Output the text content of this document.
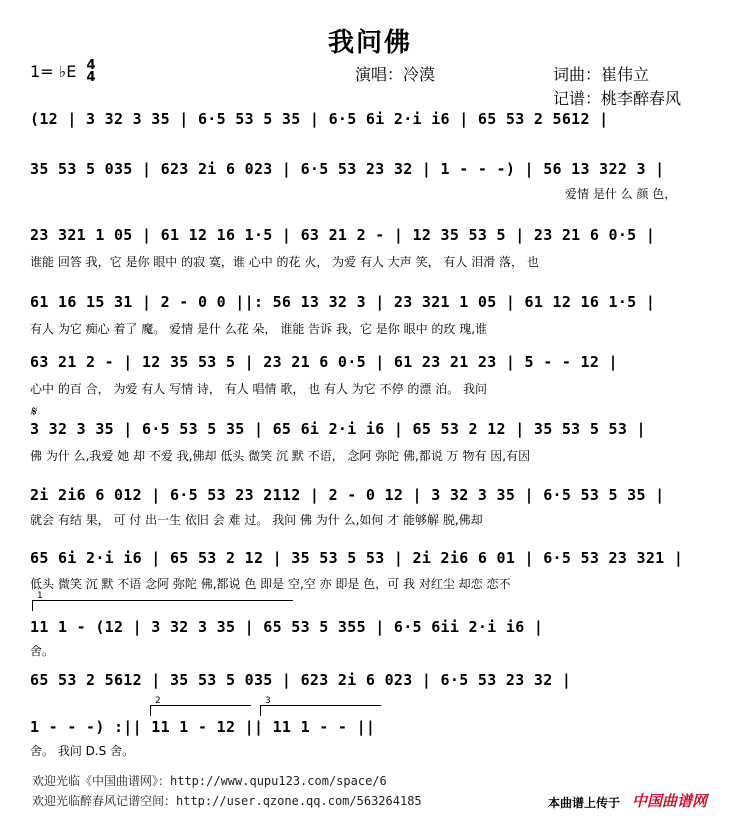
我问佛
1= ♭E 4
4	演唱：冷漠	词曲：崔伟立
记谱：桃李醉春风
(12 | 3 32 3 35 | 6·5 53 5 35 | 6·5 6i 2·i i6 | 65 53 2 5612 |
35 53 5 035 | 623 2i 6 023 | 6·5 53 23 32 | 1 - - -) | 56 13 322 3 |
爱情 是什 么 颜 色，
23 321 1 05 | 61 12 16 1·5 | 63 21 2 - | 12 35 53 5 | 23 21 6 0·5 |
谁能 回答 我，它 是你 眼中 的寂 寞，谁 心中 的花 火， 为爱 有人 大声 笑， 有人 泪滑 落， 也
61 16 15 31 | 2 - 0 0 ||: 56 13 32 3 | 23 321 1 05 | 61 12 16 1·5 |
有人 为它 痴心 着了 魔。 爱情 是什 么花 朵， 谁能 告诉 我，它 是你 眼中 的玫 瑰,谁
63 21 2 - | 12 35 53 5 | 23 21 6 0·5 | 61 23 21 23 | 5 - - 12 |
心中 的百 合， 为爱 有人 写情 诗， 有人 唱情 歌， 也 有人 为它 不停 的漂 泊。 我问
𝄋
3 32 3 35 | 6·5 53 5 35 | 65 6i 2·i i6 | 65 53 2 12 | 35 53 5 53 |
佛 为什 么,我爱 她 却 不爱 我,佛却 低头 微笑 沉 默 不语， 念阿 弥陀 佛,都说 万 物有 因,有因
2i 2i6 6 012 | 6·5 53 23 2112 | 2 - 0 12 | 3 32 3 35 | 6·5 53 5 35 |
就会 有结 果， 可 付 出一生 依旧 会 难 过。 我问 佛 为什 么,如何 才 能够解 脱,佛却
65 6i 2·i i6 | 65 53 2 12 | 35 53 5 53 | 2i 2i6 6 01 | 6·5 53 23 321 |
低头 微笑 沉 默 不语 念阿 弥陀 佛,都说 色 即是 空,空 亦 即是 色，可 我 对红尘 却恋 恋不
1
11 1 - (12 | 3 32 3 35 | 65 53 5 355 | 6·5 6ii 2·i i6 |
舍。
65 53 2 5612 | 35 53 5 035 | 623 2i 6 023 | 6·5 53 23 32 |
2	3
1 - - -) :|| 11 1 - 12 || 11 1 - - ||
舍。 我问 D.S 舍。
欢迎光临《中国曲谱网》：http://www.qupu123.com/space/6
欢迎光临醉春风记谱空间：http://user.qzone.qq.com/563264185	本曲谱上传于 中国曲谱网
